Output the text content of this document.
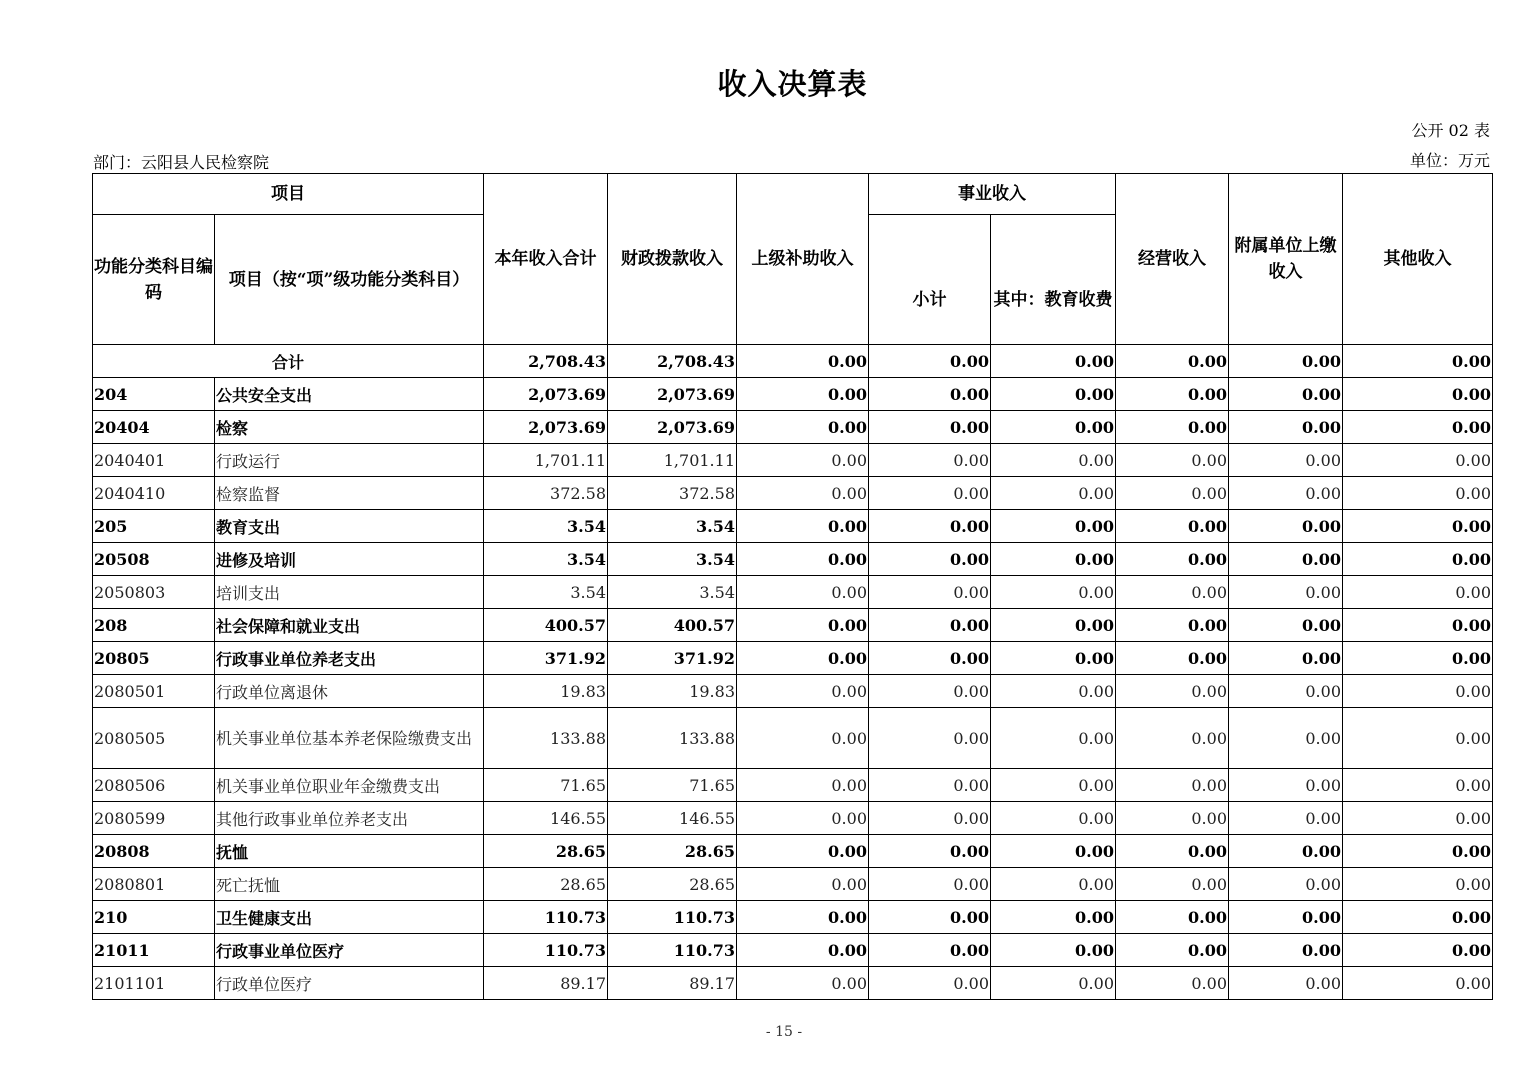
收入决算表
公开 02 表
部门：云阳县人民检察院	单位：万元
项目		本年收入合计	财政拨款收入	上级补助收入	事业收入		经营收入	附属单位上缴收入	其他收入
功能分类科目编码	项目（按“项”级功能分类科目）				小计	其中：教育收费			
合计		2,708.43	2,708.43	0.00	0.00	0.00	0.00	0.00	0.00
204	公共安全支出	2,073.69	2,073.69	0.00	0.00	0.00	0.00	0.00	0.00
20404	检察	2,073.69	2,073.69	0.00	0.00	0.00	0.00	0.00	0.00
2040401	行政运行	1,701.11	1,701.11	0.00	0.00	0.00	0.00	0.00	0.00
2040410	检察监督	372.58	372.58	0.00	0.00	0.00	0.00	0.00	0.00
205	教育支出	3.54	3.54	0.00	0.00	0.00	0.00	0.00	0.00
20508	进修及培训	3.54	3.54	0.00	0.00	0.00	0.00	0.00	0.00
2050803	培训支出	3.54	3.54	0.00	0.00	0.00	0.00	0.00	0.00
208	社会保障和就业支出	400.57	400.57	0.00	0.00	0.00	0.00	0.00	0.00
20805	行政事业单位养老支出	371.92	371.92	0.00	0.00	0.00	0.00	0.00	0.00
2080501	行政单位离退休	19.83	19.83	0.00	0.00	0.00	0.00	0.00	0.00
2080505	机关事业单位基本养老保险缴费支出	133.88	133.88	0.00	0.00	0.00	0.00	0.00	0.00
2080506	机关事业单位职业年金缴费支出	71.65	71.65	0.00	0.00	0.00	0.00	0.00	0.00
2080599	其他行政事业单位养老支出	146.55	146.55	0.00	0.00	0.00	0.00	0.00	0.00
20808	抚恤	28.65	28.65	0.00	0.00	0.00	0.00	0.00	0.00
2080801	死亡抚恤	28.65	28.65	0.00	0.00	0.00	0.00	0.00	0.00
210	卫生健康支出	110.73	110.73	0.00	0.00	0.00	0.00	0.00	0.00
21011	行政事业单位医疗	110.73	110.73	0.00	0.00	0.00	0.00	0.00	0.00
2101101	行政单位医疗	89.17	89.17	0.00	0.00	0.00	0.00	0.00	0.00
- 15 -
